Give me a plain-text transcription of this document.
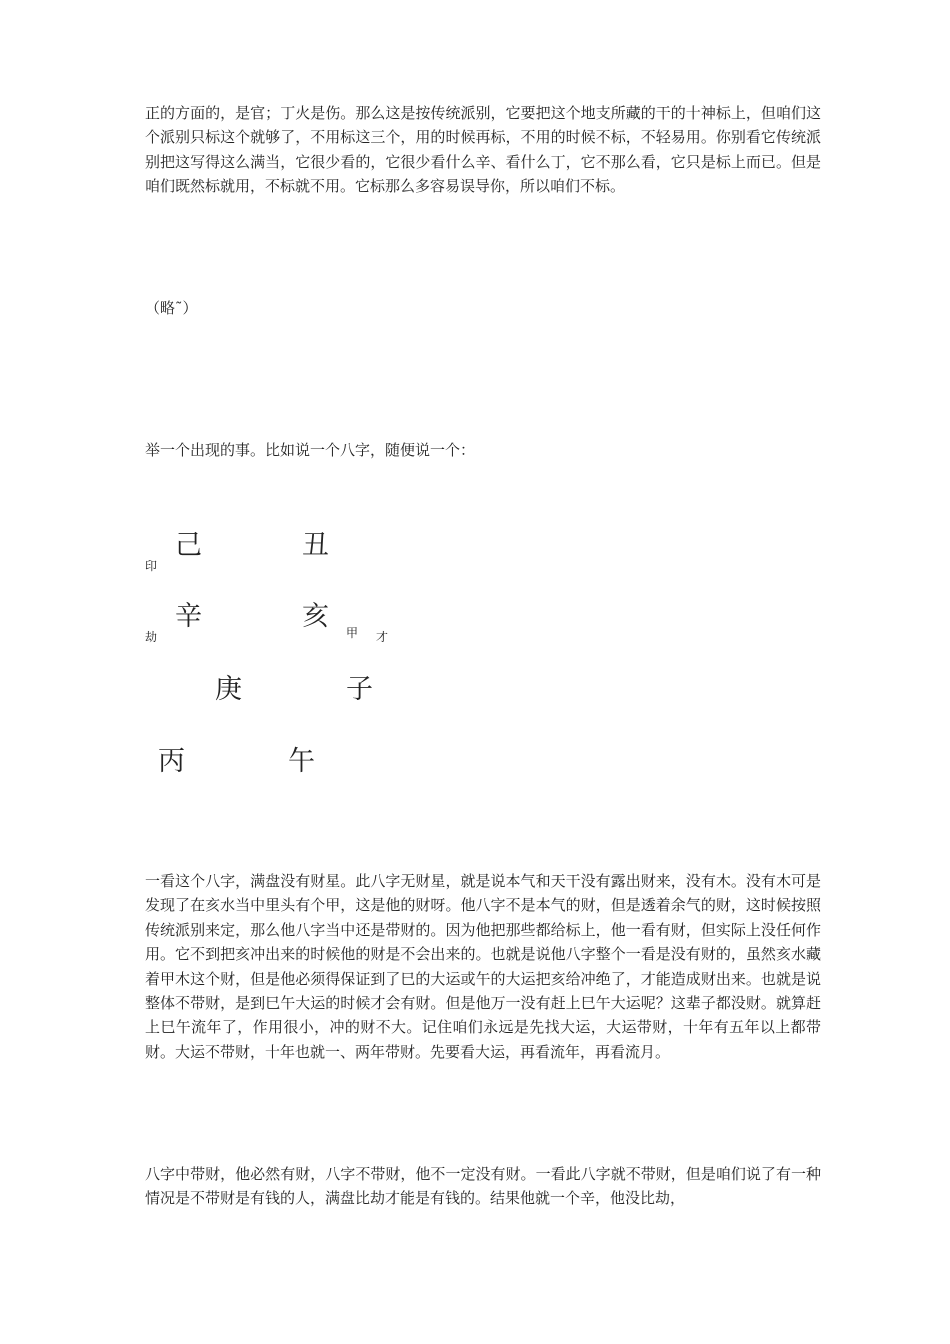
正的方面的，是官；丁火是伤。那么这是按传统派别，它要把这个地支所藏的干的十神标上，但咱们这个派别只标这个就够了，不用标这三个，用的时候再标，不用的时候不标，不轻易用。你别看它传统派别把这写得这么满当，它很少看的，它很少看什么辛、看什么丁，它不那么看，它只是标上而已。但是咱们既然标就用，不标就不用。它标那么多容易误导你，所以咱们不标。

（略˜）
举一个出现的事。比如说一个八字，随便说一个：
印
己	丑
劫
辛	亥
甲 才
庚	子
丙	午

一看这个八字，满盘没有财星。此八字无财星，就是说本气和天干没有露出财来，没有木。没有木可是发现了在亥水当中里头有个甲，这是他的财呀。他八字不是本气的财，但是透着余气的财，这时候按照传统派别来定，那么他八字当中还是带财的。因为他把那些都给标上，他一看有财，但实际上没任何作用。它不到把亥冲出来的时候他的财是不会出来的。也就是说他八字整个一看是没有财的，虽然亥水藏着甲木这个财，但是他必须得保证到了巳的大运或午的大运把亥给冲绝了，才能造成财出来。也就是说整体不带财，是到巳午大运的时候才会有财。但是他万一没有赶上巳午大运呢？这辈子都没财。就算赶上巳午流年了，作用很小，冲的财不大。记住咱们永远是先找大运，大运带财，十年有五年以上都带财。大运不带财，十年也就一、两年带财。先要看大运，再看流年，再看流月。

八字中带财，他必然有财，八字不带财，他不一定没有财。一看此八字就不带财，但是咱们说了有一种情况是不带财是有钱的人，满盘比劫才能是有钱的。结果他就一个辛，他没比劫，
